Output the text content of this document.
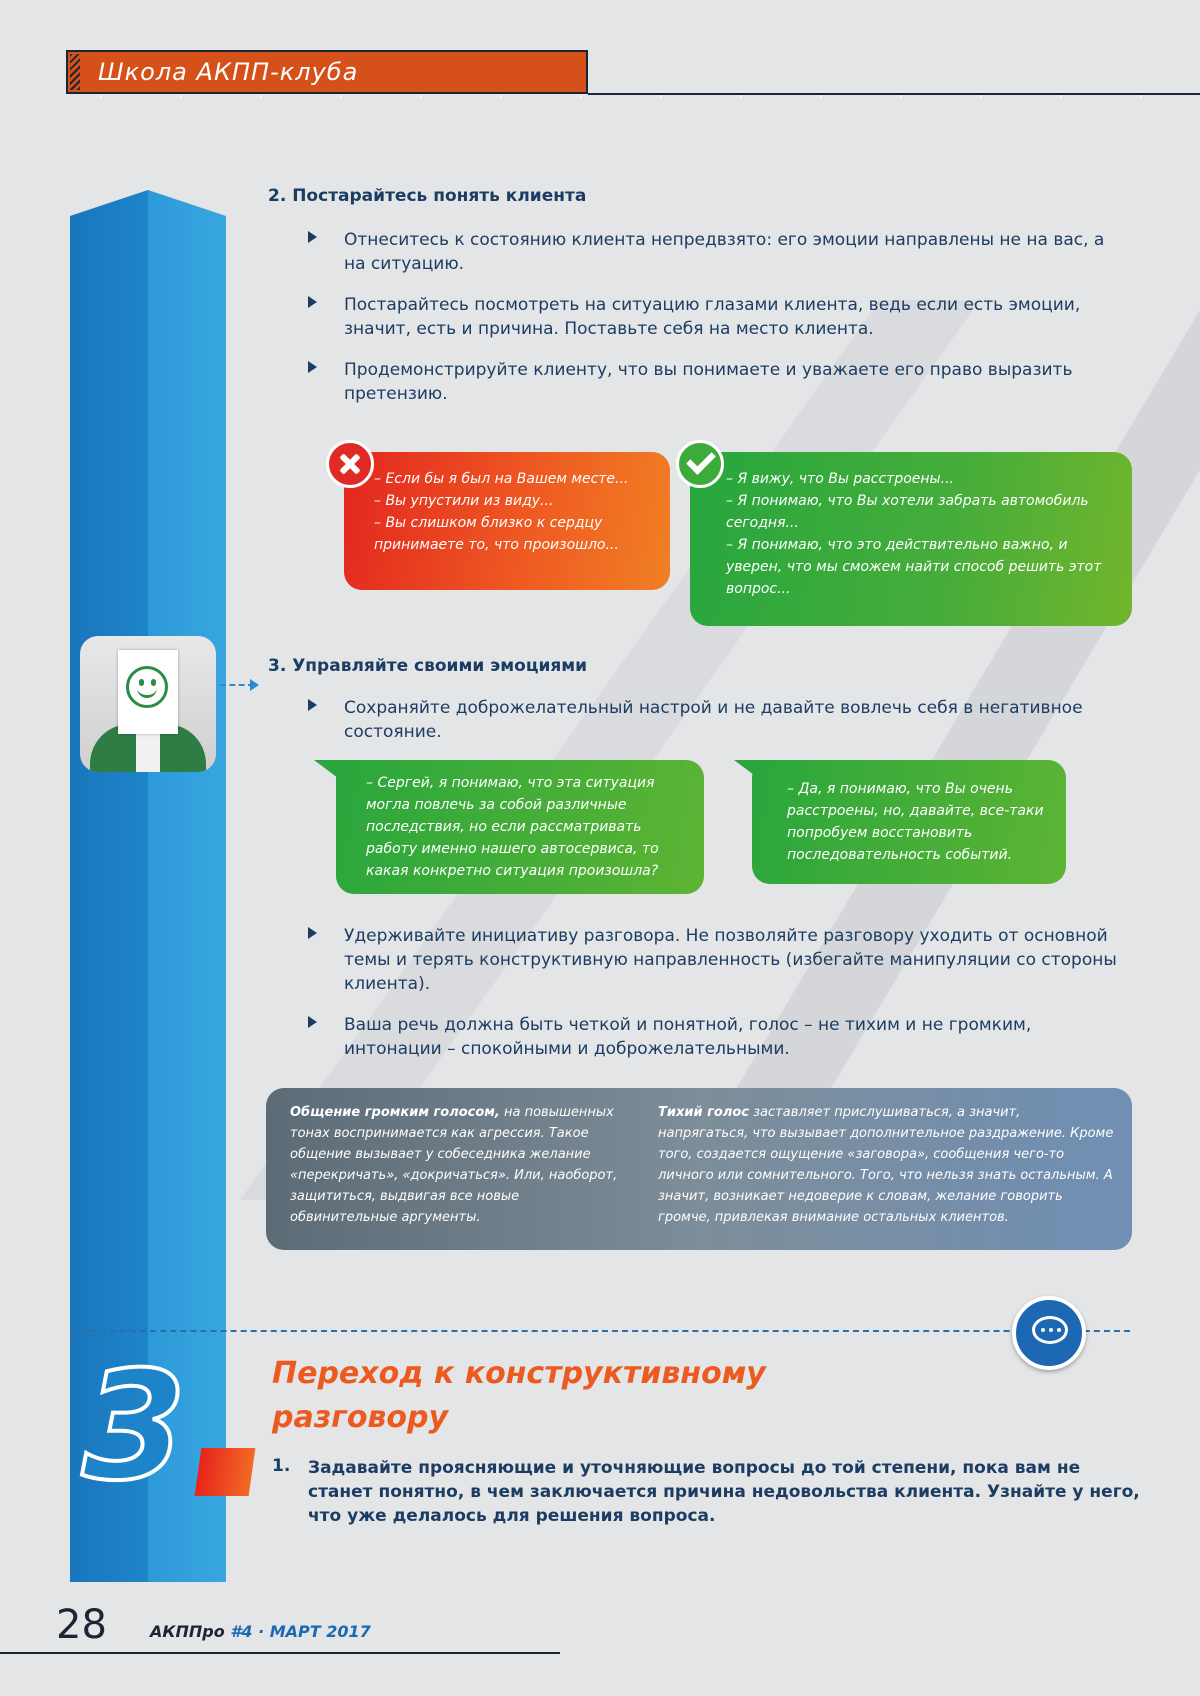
Школа АКПП-клуба
2. Постарайтесь понять клиента
Отнеситесь к состоянию клиента непредвзято: его эмоции направлены не на вас, а на ситуацию.
Постарайтесь посмотреть на ситуацию глазами клиента, ведь если есть эмоции, значит, есть и причина. Поставьте себя на место клиента.
Продемонстрируйте клиенту, что вы понимаете и уважаете его право выразить претензию.

– Если бы я был на Вашем месте...

– Вы упустили из виду...

– Вы слишком близко к сердцу принимаете то, что произошло...

– Я вижу, что Вы расстроены...

– Я понимаю, что Вы хотели забрать автомобиль сегодня...

– Я понимаю, что это действительно важно, и уверен, что мы сможем найти способ решить этот вопрос...

3. Управляйте своими эмоциями
Сохраняйте доброжелательный настрой и не давайте вовлечь себя в негативное состояние.

– Сергей, я понимаю, что эта ситуация могла повлечь за собой различные последствия, но если рассматривать работу именно нашего автосервиса, то какая конкретно ситуация произошла?

– Да, я понимаю, что Вы очень расстроены, но, давайте, все-таки попробуем восстановить последовательность событий.

Удерживайте инициативу разговора. Не позволяйте разговору уходить от основной темы и терять конструктивную направленность (избегайте манипуляции со стороны клиента).
Ваша речь должна быть четкой и понятной, голос – не тихим и не громким, интонации – спокойными и доброжелательными.
Общение громким голосом, на повышенных тонах воспринимается как агрессия. Такое общение вызывает у собеседника желание «перекричать», «докричаться». Или, наоборот, защититься, выдвигая все новые обвинительные аргументы.
Тихий голос заставляет прислушиваться, а значит, напрягаться, что вызывает дополнительное раздражение. Кроме того, создается ощущение «заговора», сообщения чего-то личного или сомнительного. Того, что нельзя знать остальным. А значит, возникает недоверие к словам, желание говорить громче, привлекая внимание остальных клиентов.
3	Переход к конструктивному разговору
1. Задавайте проясняющие и уточняющие вопросы до той степени, пока вам не станет понятно, в чем заключается причина недовольства клиента. Узнайте у него, что уже делалось для решения вопроса.
28	АКППро #4 · МАРТ 2017
